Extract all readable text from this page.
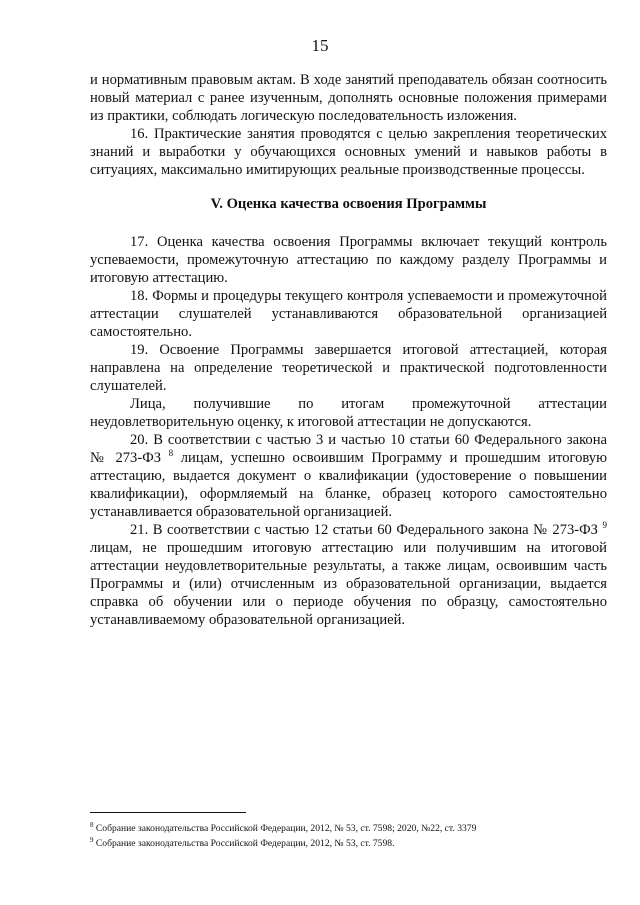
15

и нормативным правовым актам. В ходе занятий преподаватель обязан соотносить новый материал с ранее изученным, дополнять основные положения примерами из практики, соблюдать логическую последовательность изложения.

16. Практические занятия проводятся с целью закрепления теоретических знаний и выработки у обучающихся основных умений и навыков работы в ситуациях, максимально имитирующих реальные производственные процессы.

V. Оценка качества освоения Программы

17. Оценка качества освоения Программы включает текущий контроль успеваемости, промежуточную аттестацию по каждому разделу Программы и итоговую аттестацию.

18. Формы и процедуры текущего контроля успеваемости и промежуточной аттестации слушателей устанавливаются образовательной организацией самостоятельно.

19. Освоение Программы завершается итоговой аттестацией, которая направлена на определение теоретической и практической подготовленности слушателей.

Лица, получившие по итогам промежуточной аттестации неудовлетворительную оценку, к итоговой аттестации не допускаются.

20. В соответствии с частью 3 и частью 10 статьи 60 Федерального закона № 273-ФЗ $^8$ лицам, успешно освоившим Программу и прошедшим итоговую аттестацию, выдается документ о квалификации (удостоверение о повышении квалификации), оформляемый на бланке, образец которого самостоятельно устанавливается образовательной организацией.

21. В соответствии с частью 12 статьи 60 Федерального закона № 273-ФЗ $^9$ лицам, не прошедшим итоговую аттестацию или получившим на итоговой аттестации неудовлетворительные результаты, а также лицам, освоившим часть Программы и (или) отчисленным из образовательной организации, выдается справка об обучении или о периоде обучения по образцу, самостоятельно устанавливаемому образовательной организацией.

$^8$ Собрание законодательства Российской Федерации, 2012, № 53, ст. 7598; 2020, №22, ст. 3379
$^9$ Собрание законодательства Российской Федерации, 2012, № 53, ст. 7598.
